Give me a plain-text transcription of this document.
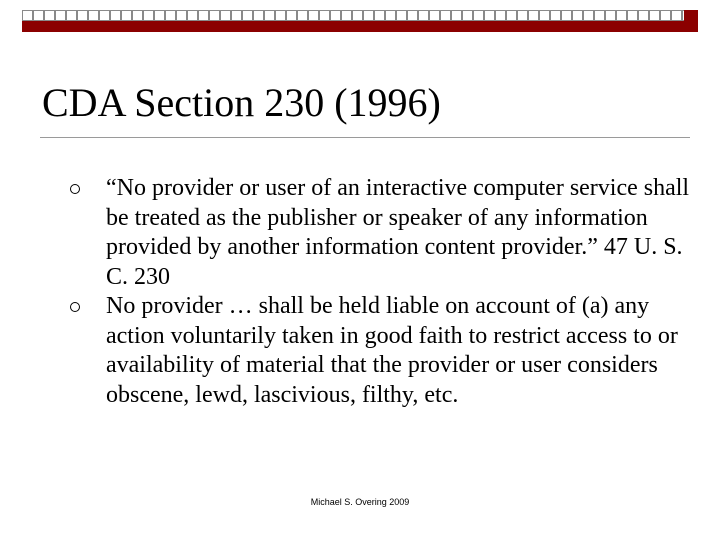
CDA Section 230 (1996)
“No provider or user of an interactive computer service shall be treated as the publisher or speaker of any information provided by another information content provider.” 47 U. S. C. 230
No provider … shall be held liable on account of (a) any action voluntarily taken in good faith to restrict access to or availability of material that the provider or user considers obscene, lewd, lascivious, filthy, etc.
Michael S. Overing 2009
